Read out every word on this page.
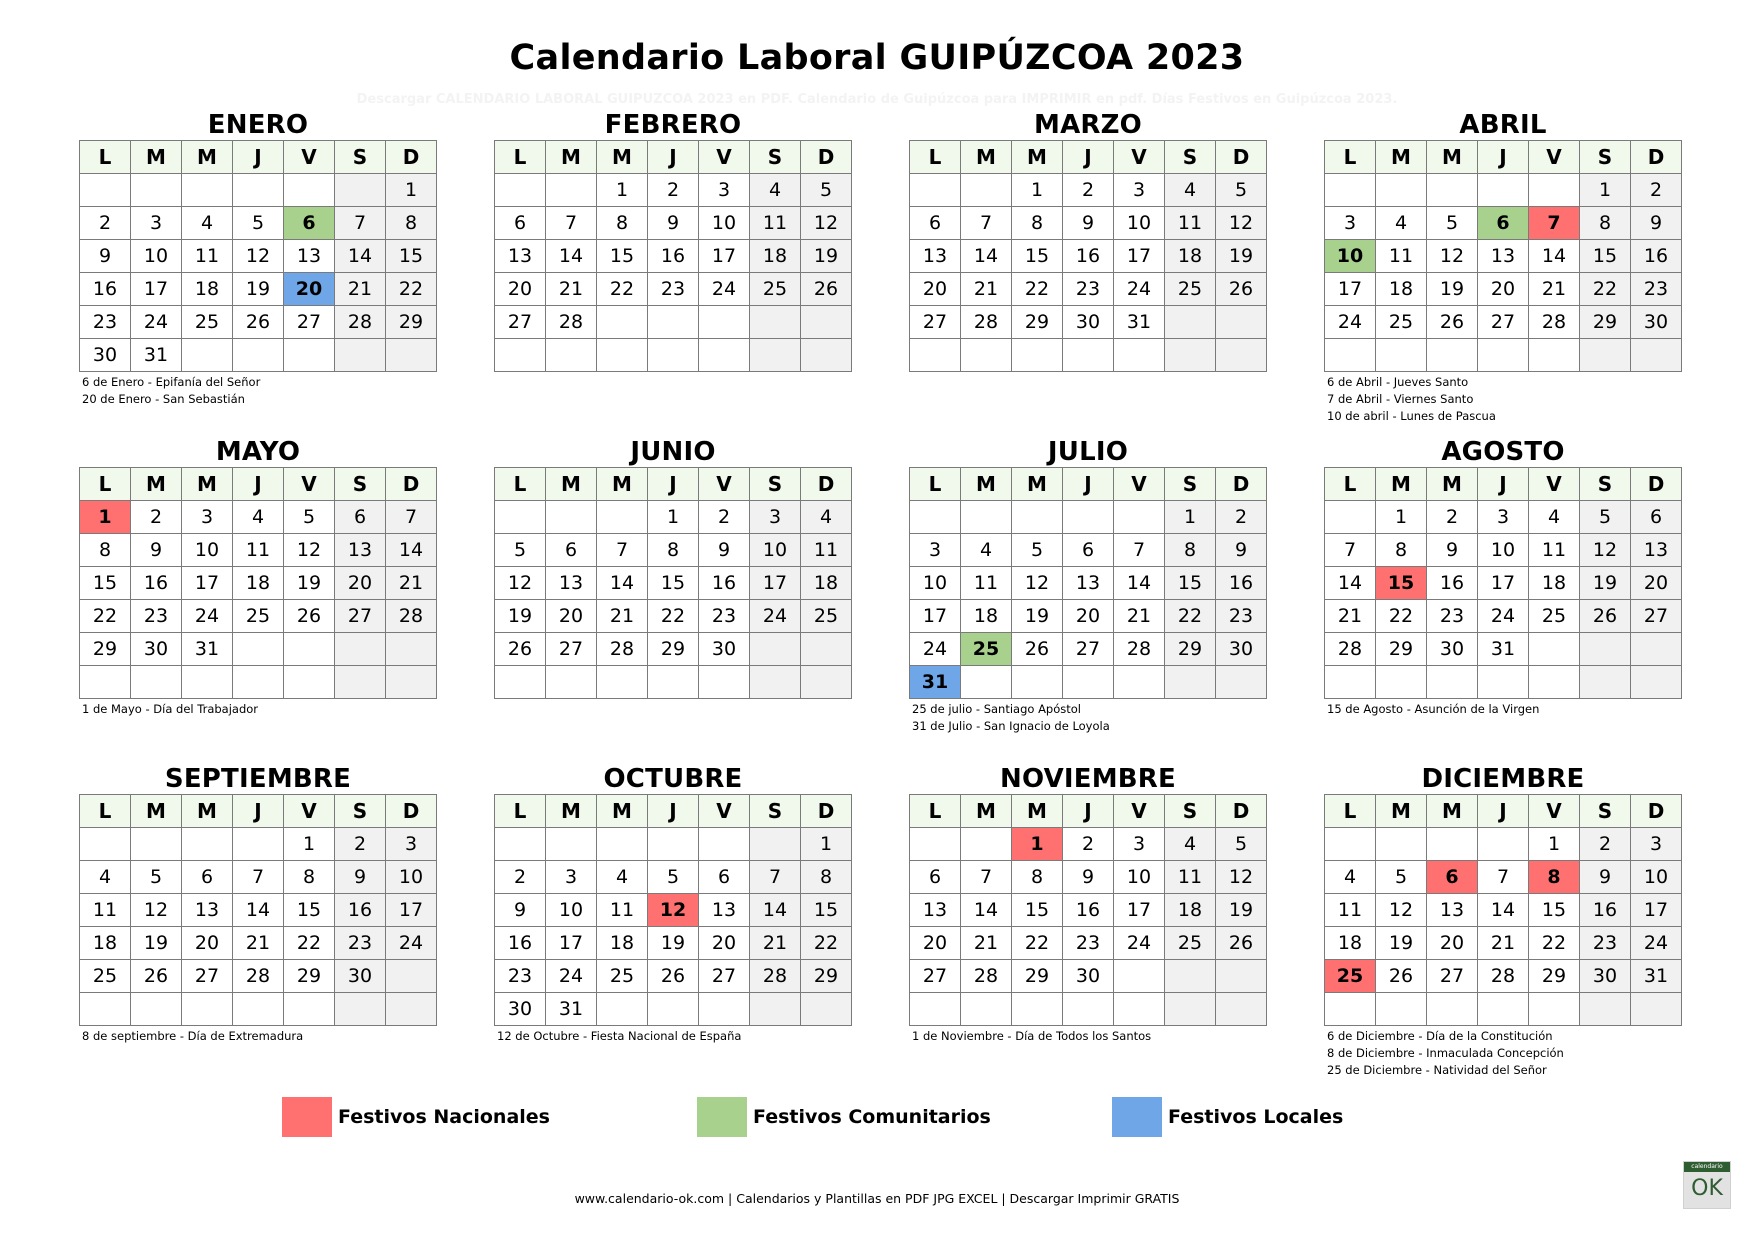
Calendario Laboral GUIPÚZCOA 2023
Descargar CALENDARIO LABORAL GUIPUZCOA 2023 en PDF. Calendario de Guipúzcoa para IMPRIMIR en pdf. Días Festivos en Guipúzcoa 2023.
ENERO
L	M	M	J	V	S	D
						1
2	3	4	5	6	7	8
9	10	11	12	13	14	15
16	17	18	19	20	21	22
23	24	25	26	27	28	29
30	31					
6 de Enero - Epifanía del Señor
20 de Enero - San Sebastián
FEBRERO
L	M	M	J	V	S	D
		1	2	3	4	5
6	7	8	9	10	11	12
13	14	15	16	17	18	19
20	21	22	23	24	25	26
27	28					

MARZO
L	M	M	J	V	S	D
		1	2	3	4	5
6	7	8	9	10	11	12
13	14	15	16	17	18	19
20	21	22	23	24	25	26
27	28	29	30	31		

ABRIL
L	M	M	J	V	S	D
					1	2
3	4	5	6	7	8	9
10	11	12	13	14	15	16
17	18	19	20	21	22	23
24	25	26	27	28	29	30

6 de Abril - Jueves Santo
7 de Abril - Viernes Santo
10 de abril - Lunes de Pascua
MAYO
L	M	M	J	V	S	D
1	2	3	4	5	6	7
8	9	10	11	12	13	14
15	16	17	18	19	20	21
22	23	24	25	26	27	28
29	30	31				

1 de Mayo - Día del Trabajador
JUNIO
L	M	M	J	V	S	D
			1	2	3	4
5	6	7	8	9	10	11
12	13	14	15	16	17	18
19	20	21	22	23	24	25
26	27	28	29	30		

JULIO
L	M	M	J	V	S	D
					1	2
3	4	5	6	7	8	9
10	11	12	13	14	15	16
17	18	19	20	21	22	23
24	25	26	27	28	29	30
31						
25 de julio - Santiago Apóstol
31 de Julio - San Ignacio de Loyola
AGOSTO
L	M	M	J	V	S	D
	1	2	3	4	5	6
7	8	9	10	11	12	13
14	15	16	17	18	19	20
21	22	23	24	25	26	27
28	29	30	31			

15 de Agosto - Asunción de la Virgen
SEPTIEMBRE
L	M	M	J	V	S	D
				1	2	3
4	5	6	7	8	9	10
11	12	13	14	15	16	17
18	19	20	21	22	23	24
25	26	27	28	29	30	

8 de septiembre - Día de Extremadura
OCTUBRE
L	M	M	J	V	S	D
						1
2	3	4	5	6	7	8
9	10	11	12	13	14	15
16	17	18	19	20	21	22
23	24	25	26	27	28	29
30	31					
12 de Octubre - Fiesta Nacional de España
NOVIEMBRE
L	M	M	J	V	S	D
		1	2	3	4	5
6	7	8	9	10	11	12
13	14	15	16	17	18	19
20	21	22	23	24	25	26
27	28	29	30			

1 de Noviembre - Día de Todos los Santos
DICIEMBRE
L	M	M	J	V	S	D
				1	2	3
4	5	6	7	8	9	10
11	12	13	14	15	16	17
18	19	20	21	22	23	24
25	26	27	28	29	30	31

6 de Diciembre - Día de la Constitución
8 de Diciembre - Inmaculada Concepción
25 de Diciembre - Natividad del Señor
Festivos Nacionales	Festivos Comunitarios	Festivos Locales
www.calendario-ok.com | Calendarios y Plantillas en PDF JPG EXCEL | Descargar Imprimir GRATIS
calendario
OK
